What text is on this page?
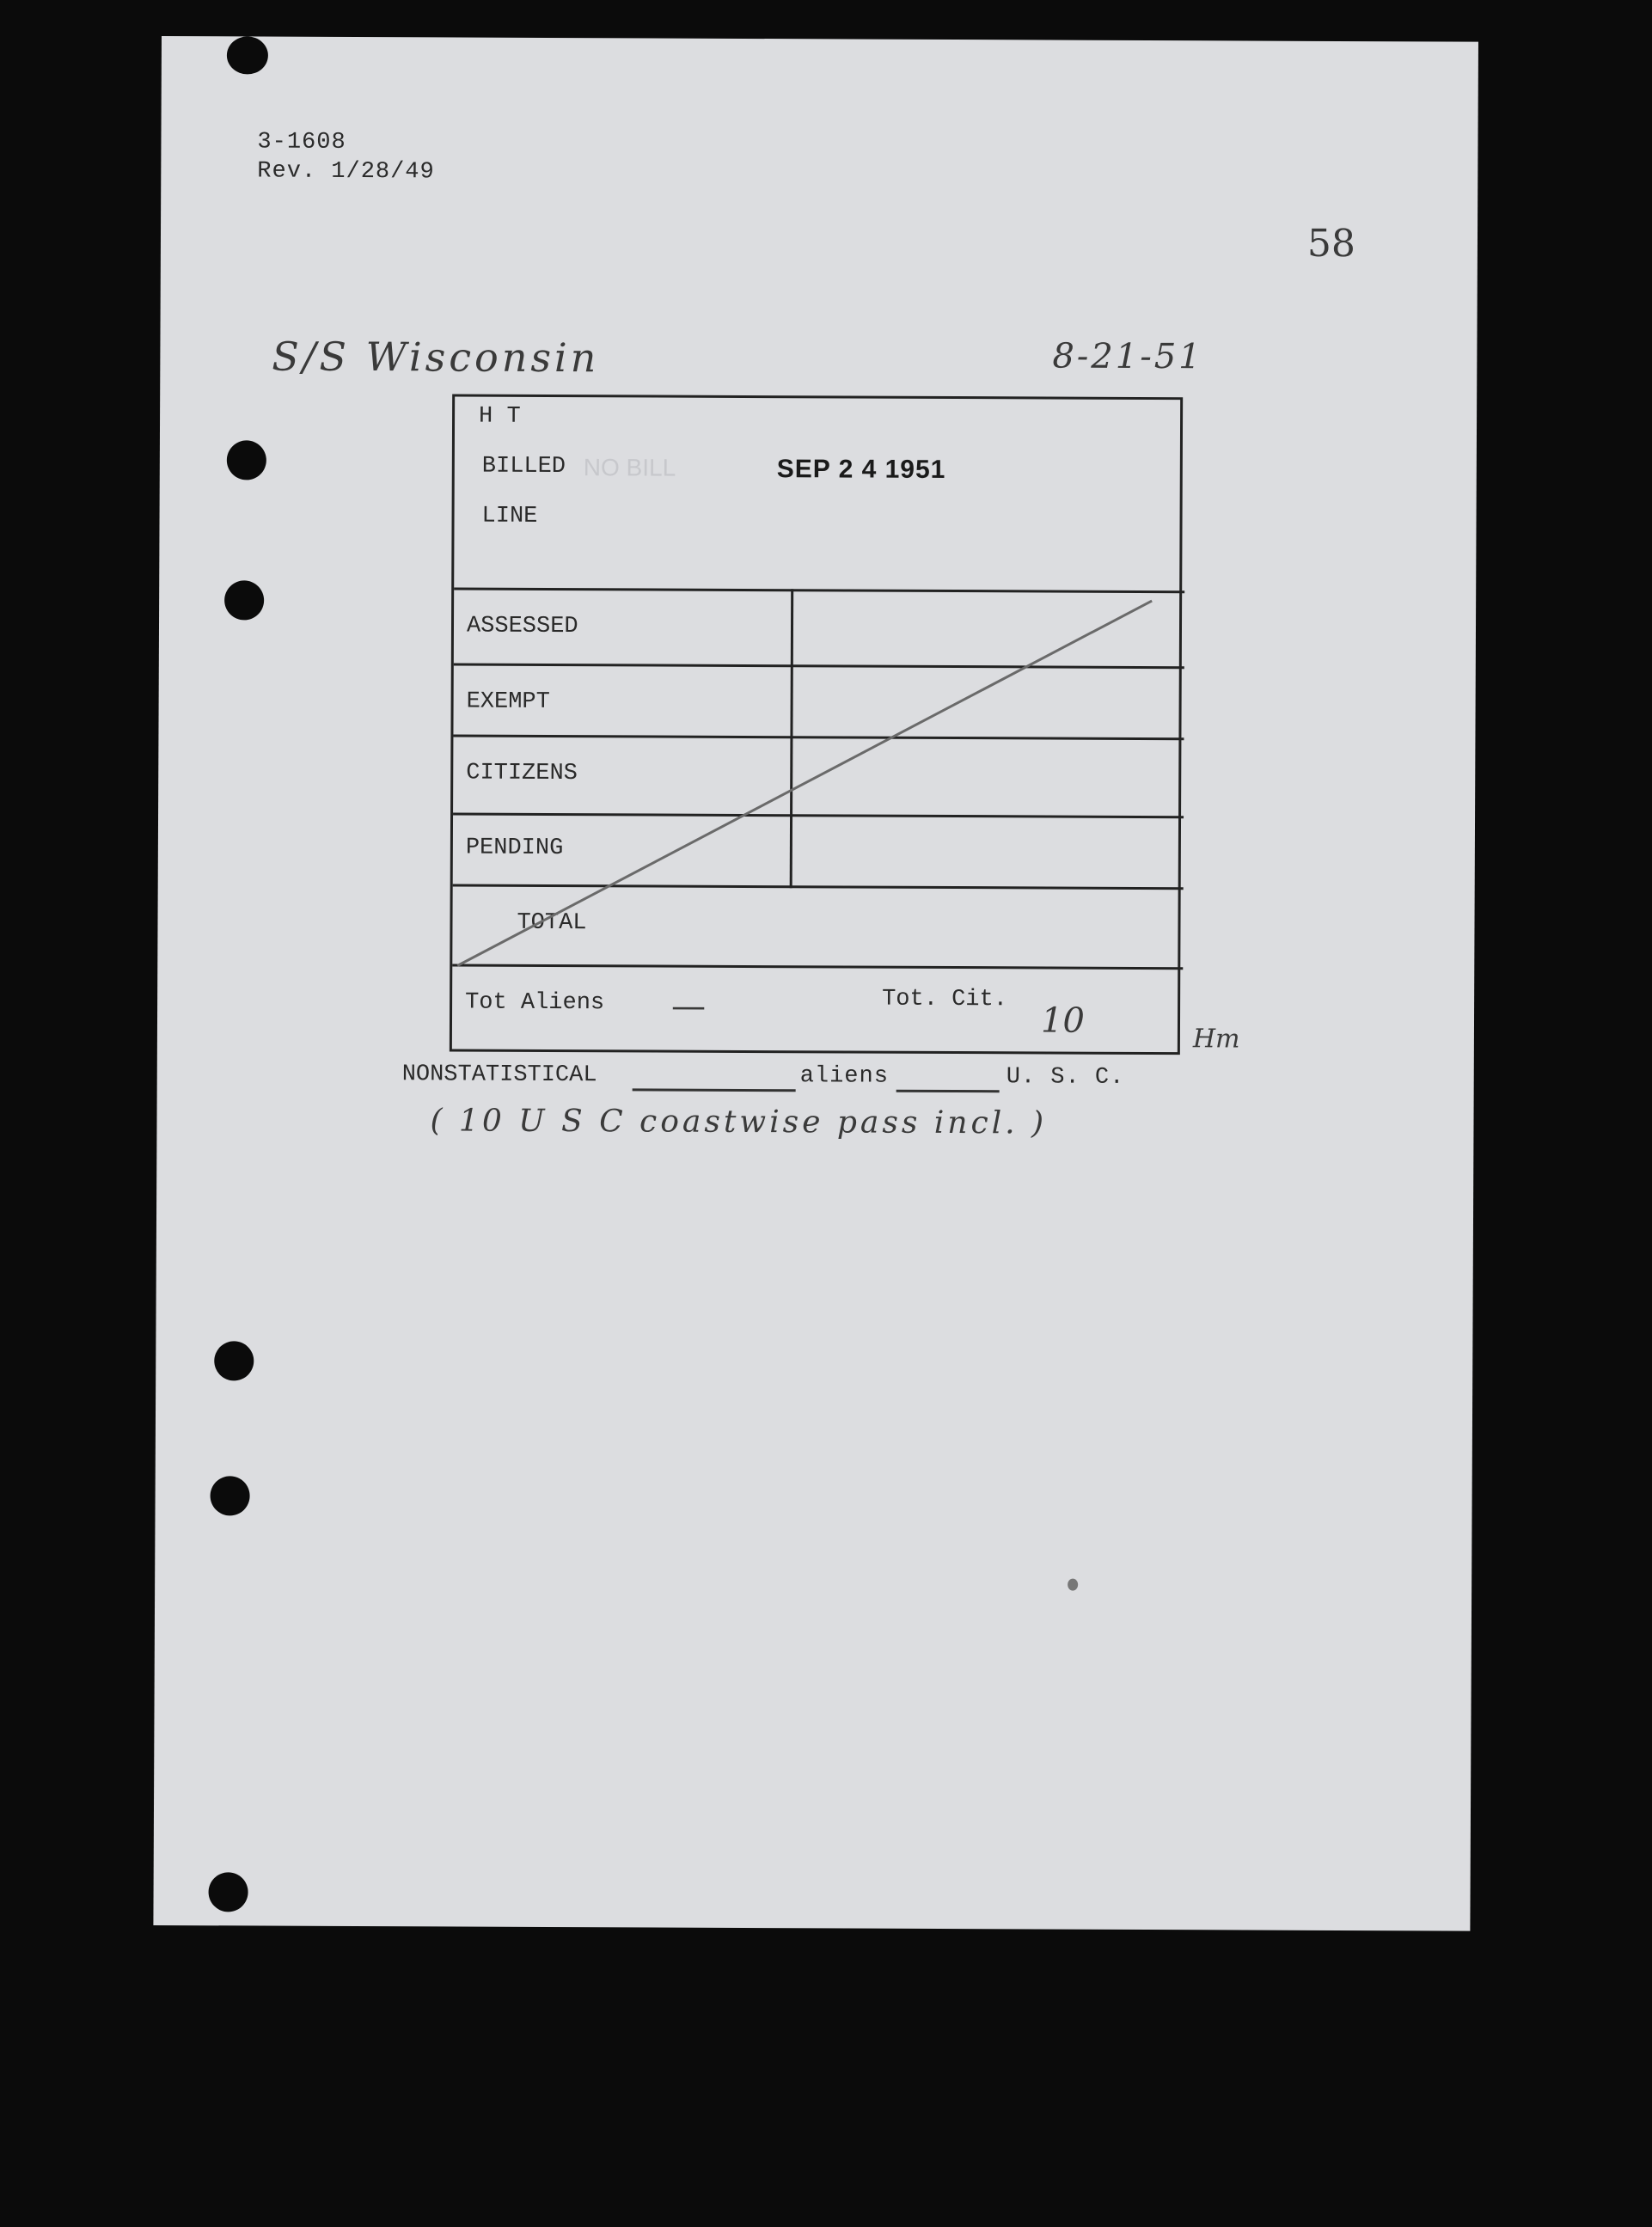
3-1608
Rev. 1/28/49
58
S/S Wisconsin	8-21-51
H T
BILLED NO BILL	SEP 2 4 1951
LINE
ASSESSED
EXEMPT
CITIZENS
PENDING
TOTAL
Tot Aliens —	Tot. Cit.
10	Hm
NONSTATISTICAL	aliens	U. S. C.
( 10 U S C coastwise pass incl. )
